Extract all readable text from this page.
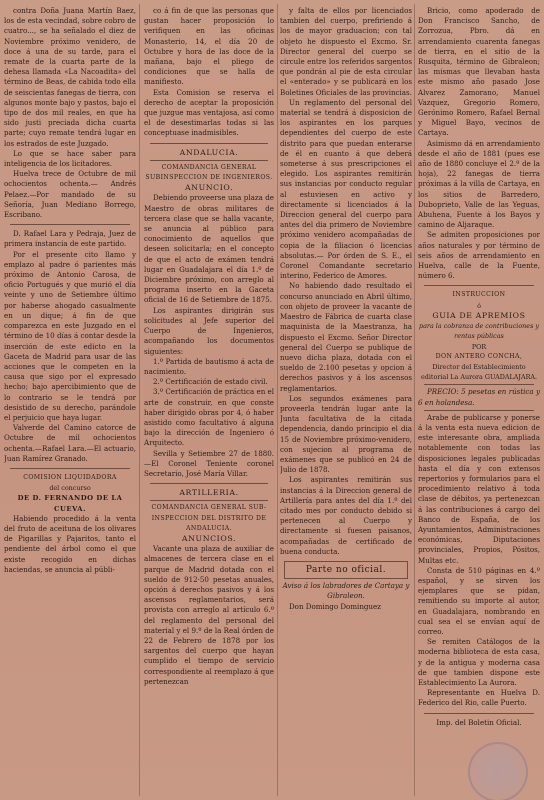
contra Doña Juana Martín Baez, los de esta vecindad, sobre cobro de cuatro..., se ha señalado el diez de Noviembre próximo venidero, de doce á una de su tarde, para el remate de la cuarta parte de la dehesa llamada «La Nacoadita» del término de Beas, de cabida todo ella de seiscientas fanegas de tierra, con algunos monte bajo y pastos, bajo el tipo de dos mil reales, en que ha sido justi preciada dicha cuarta parte; cuyo remate tendrá lugar en los estrados de este Juzgado.

Lo que se hace saber para inteligencia de los licitadores.

Huelva trece de Octubre de mil ochocientos ochenta.— Andrés Pelaez.—Por mandado de su Señoría, Juan Mediano Borrego, Escribano.

D. Rafael Lara y Pedraja, Juez de primera instancia de este partido.

Por el presente cito llamo y emplazo al padre ó parientes más próximo de Antonio Carosa, de oficio Portugués y que murió el día veinte y uno de Setiembre último por haberse ahogado casualmente en un dique; á fin de que comparezca en este Juzgado en el término de 10 días á contar desde la inserción de este edicto en la Gaceta de Madrid para usar de las acciones que le competen en la causa que sigo por el expresado hecho; bajo apercibimiento que de lo contrario se le tendrá por desistido de su derecho, parándole el perjuicio que haya lugar.

Valverde del Camino catorce de Octubre de mil ochocientos ochenta.—Rafael Lara.—El actuario, Juan Ramírez Granado.

COMISION LIQUIDADORA

del concurso

DE D. FERNANDO DE LA CUEVA.

Habiendo procedido á la venta del fruto de aceituna de los olivares de Pigarillas y Pajaritos, tanto el pendiente del árbol como el que existe recogido en dichas haciendas, se anuncia al públi-

co á fin de que las personas que gustan hacer proposición lo verifiquen en las oficinas Monasterio, 14, el día 20 de Octubre y hora de las doce de la mañana, bajo el pliego de condiciones que se halla de manifiesto.

Esta Comision se reserva el derecho de aceptar la proposición que juzgue mas ventajosa, así como el de desestimarlas todas si las conceptuase inadmisibles.

ANDALUCIA.

COMANDANCIA GENERAL SUBINSPECCION DE INGENIEROS.

ANUNCIO.

Debiendo proveerse una plaza de Maestro de obras militares de tercera clase que se halla vacante, se anuncia al público para conocimiento de aquellos que deseen solicitarla; en el concepto de que el acto de exámen tendrá lugar en Guadalajara el día 1.º de Diciembre próximo, con arreglo al programa inserto en la Gaceta oficial de 16 de Setiembre de 1875.

Los aspirantes dirigirán sus solicitudes al Jefe superior del Cuerpo de Ingenieros, acompañando los documentos siguientes:

1.º Partida de bautismo á acta de nacimiento.

2.º Certificación de estado civil.

3.º Certificación de práctica en el arte de construir, en que conste haber dirigido obras por 4, ó haber asistido como facultativo á alguna bajo la dirección de Ingeniero ó Arquitecto.

Sevilla y Setiembre 27 de 1880.—El Coronel Teniente coronel Secretario, José María Villar.

ARTILLERIA.

COMANDANCIA GENERAL SUB-INSPECCION DEL DISTRITO DE ANDALUCIA.

ANUNCIOS.

Vacante una plaza de auxiliar de almacenes de tercera clase en el parque de Madrid dotada con el sueldo de 912·50 pesetas anuales, opción á derechos pasivos y á los ascensos reglamentarios, será provista con arreglo al artículo 6.º del reglamento del personal del material y el 9.º de la Real órden de 22 de Febrero de 1878 por los sargentos del cuerpo que hayan cumplido el tiempo de servicio correspondiente al reemplazo á que pertenezcan

y falta de ellos por licenciados tambien del cuerpo, prefiriendo á los de mayor graduacion; con tal objeto he dispuesto el Excmo. Sr. Director general del cuerpo se circule entre los referidos sargentos que pondrán al pie de esta circular el «enterado» y se publicará en los Boletines Oficiales de las provincias.

Un reglamento del personal del material se tendrá á disposicion de los aspirantes en los parques dependientes del cuerpo de este distrito para que puedan enterarse de él en cuanto á que deberá someterse á sus prescripciones el elegido. Los aspirantes remitirán sus instancias por conducto regular al estuviesen en activo y directamente si licenciados á la Direccion general del cuerpo para antes del dia primero de Noviembre próximo venidero acompañadas de copia de la filiacion ó licencias absolutas.— Por órden de S. E., el Coronel Comandante secretario interino, Federico de Amores.

No habiendo dado resultado el concurso anunciado en Abril último, con objeto de proveer la vacante de Maestro de Fábrica de cuarta clase maquinista de la Maestranza, ha dispuesto el Excmo. Señor Director general del Cuerpo se publique de nuevo dicha plaza, dotada con el sueldo de 2.100 pesetas y opcion á derechos pasivos y á los ascensos reglamentarios.

Los segundos exámenes para proveerla tendrán lugar ante la Junta facultativa de la citada dependencia, dando principio el dia 15 de Noviembre próximo-venidero, con sujecion al programa de exámenes que se publicó en 24 de Julio de 1878.

Los aspirantes remitirán sus instancias á la Direccion general de Artillería para antes del día 1.º del citado mes por conducto debido si pertenecen al Cuerpo y directamente si fuesen paisanos, acompañadas de certificado de buena conducta.

Parte no oficial.

Aviso á los labradores de Cartaya y Gibraleon.

Don Domingo Dominguez

Bricio, como apoderado de Don Francisco Sancho, de Zorrozua, Pbro. dá en arrendamiento cuarenta fanegas de tierra, en el sitio de la Rusquita, término de Gibraleon; las mismas que llevaban hasta este mismo año pasado Jose Alvarez Zamorano, Manuel Vazquez, Gregorio Romero, Gerónimo Romero, Rafael Bernal y Miguel Bayo, vecinos de Cartaya.

Asimismo dá en arrendamiento desde el año de 1881 (pues ese año de 1880 concluye el 2.º de la hoja), 22 fanegas de tierra próximas á la villa de Cartaya, en los sitios de Barredero, Duboprieto, Valle de las Yeguas, Abuhena, Fuente á los Bayos y camino de Aljaraque.

Se admiten proposiciones por años naturales y por término de seis años de arrendamiento en Huelva, calle de la Fuente, número 6.

INSTRUCCION

ó

GUIA DE APREMIOS

para la cobranza de contribuciones y rentas públicas

POR

DON ANTERO CONCHA,

Director del Establecimiento editorial La Aurora GUADALAJARA.

PRECIO: 5 pesetas en rústica y 6 en holandesa.

Arabe de publicarse y ponerse á la venta esta nueva edicion de este interesante obra, ampliada notablemente con todas las disposiciones legales publicadas hasta el día y con extensos repertorios y formularios para el procedimiento relativo á toda clase de débitos, ya pertenezcan á las contribuciones á cargo del Banco de España, de los Ayuntamientos, Administraciones económicas, Diputaciones provinciales, Propios, Pósitos, Multas etc.

Consta de 510 páginas en 4.º español, y se sirven los ejemplares que se pidan, remitiendo su importe al autor, en Guadalajara, nombrando en cual sea el se envían aquí de correo.

Se remiten Catálogos de la moderna biblioteca de esta casa, y de la antigua y moderna casa de que tambien dispone este Establecimiento La Aurora.

Representante en Huelva D. Federico del Rio, calle Puerto.

Imp. del Boletin Oficial.
